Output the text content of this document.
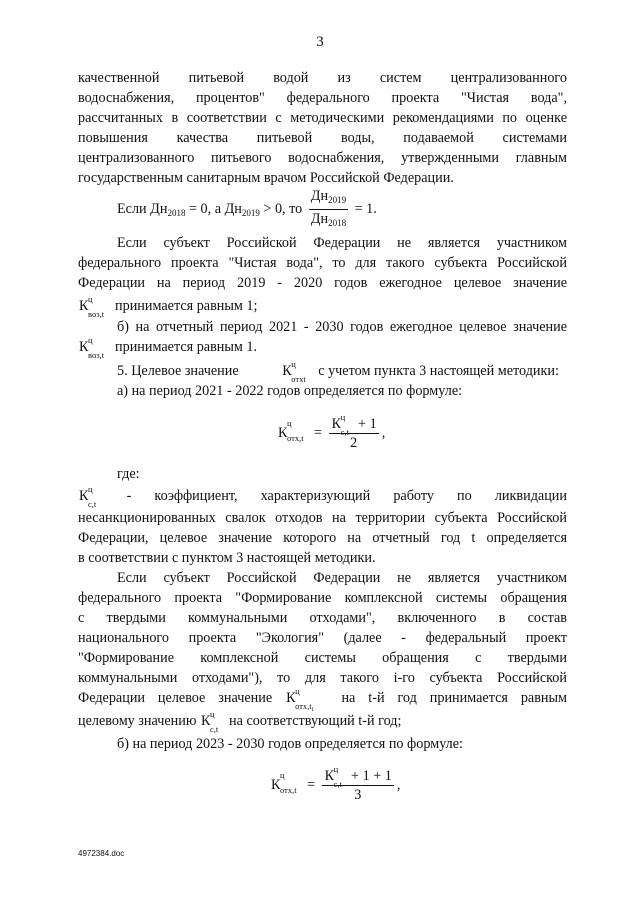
3

качественной питьевой водой из систем централизованного

водоснабжения, процентов" федерального проекта "Чистая вода",

рассчитанных в соответствии с методическими рекомендациями по оценке

повышения качества питьевой воды, подаваемой системами

централизованного питьевого водоснабжения, утвержденными главным

государственным санитарным врачом Российской Федерации.

Если $Дн_{2018} = 0$, а $Дн_{2019} > 0$, то $\frac{Дн_{2019}}{Дн_{2018}} = 1$.

Если субъект Российской Федерации не является участником

федерального проекта "Чистая вода", то для такого субъекта Российской

Федерации на период 2019 - 2020 годов ежегодное целевое значение

К ц
воз,t принимается равным 1;

б) на отчетный период 2021 - 2030 годов ежегодное целевое значение

К ц
воз,t принимается равным 1.

5. Целевое значение	К ц
отхt с учетом пункта 3 настоящей методики:

а) на период 2021 - 2022 годов определяется по формуле:

К
ц
отх,t = К ц
c,t + 1
2 ,

где:

К ц
c,t - коэффициент, характеризующий работу по ликвидации

несанкционированных свалок отходов на территории субъекта Российской

Федерации, целевое значение которого на отчетный год t определяется

в соответствии с пунктом 3 настоящей методики.

Если субъект Российской Федерации не является участником

федерального проекта "Формирование комплексной системы обращения

с твердыми коммунальными отходами", включенного в состав

национального проекта "Экология" (далее - федеральный проект

"Формирование комплексной системы обращения с твердыми

коммунальными отходами"), то для такого i-го субъекта Российской

Федерации целевое значение К ц
$отх,t_i$
на t-й год принимается равным

целевому значению К ц
c,t на соответствующий t-й год;

б) на период 2023 - 2030 годов определяется по формуле:

К
ц
отх,t = К ц
c,t + 1 + 1
3 ,
4972384.doc
